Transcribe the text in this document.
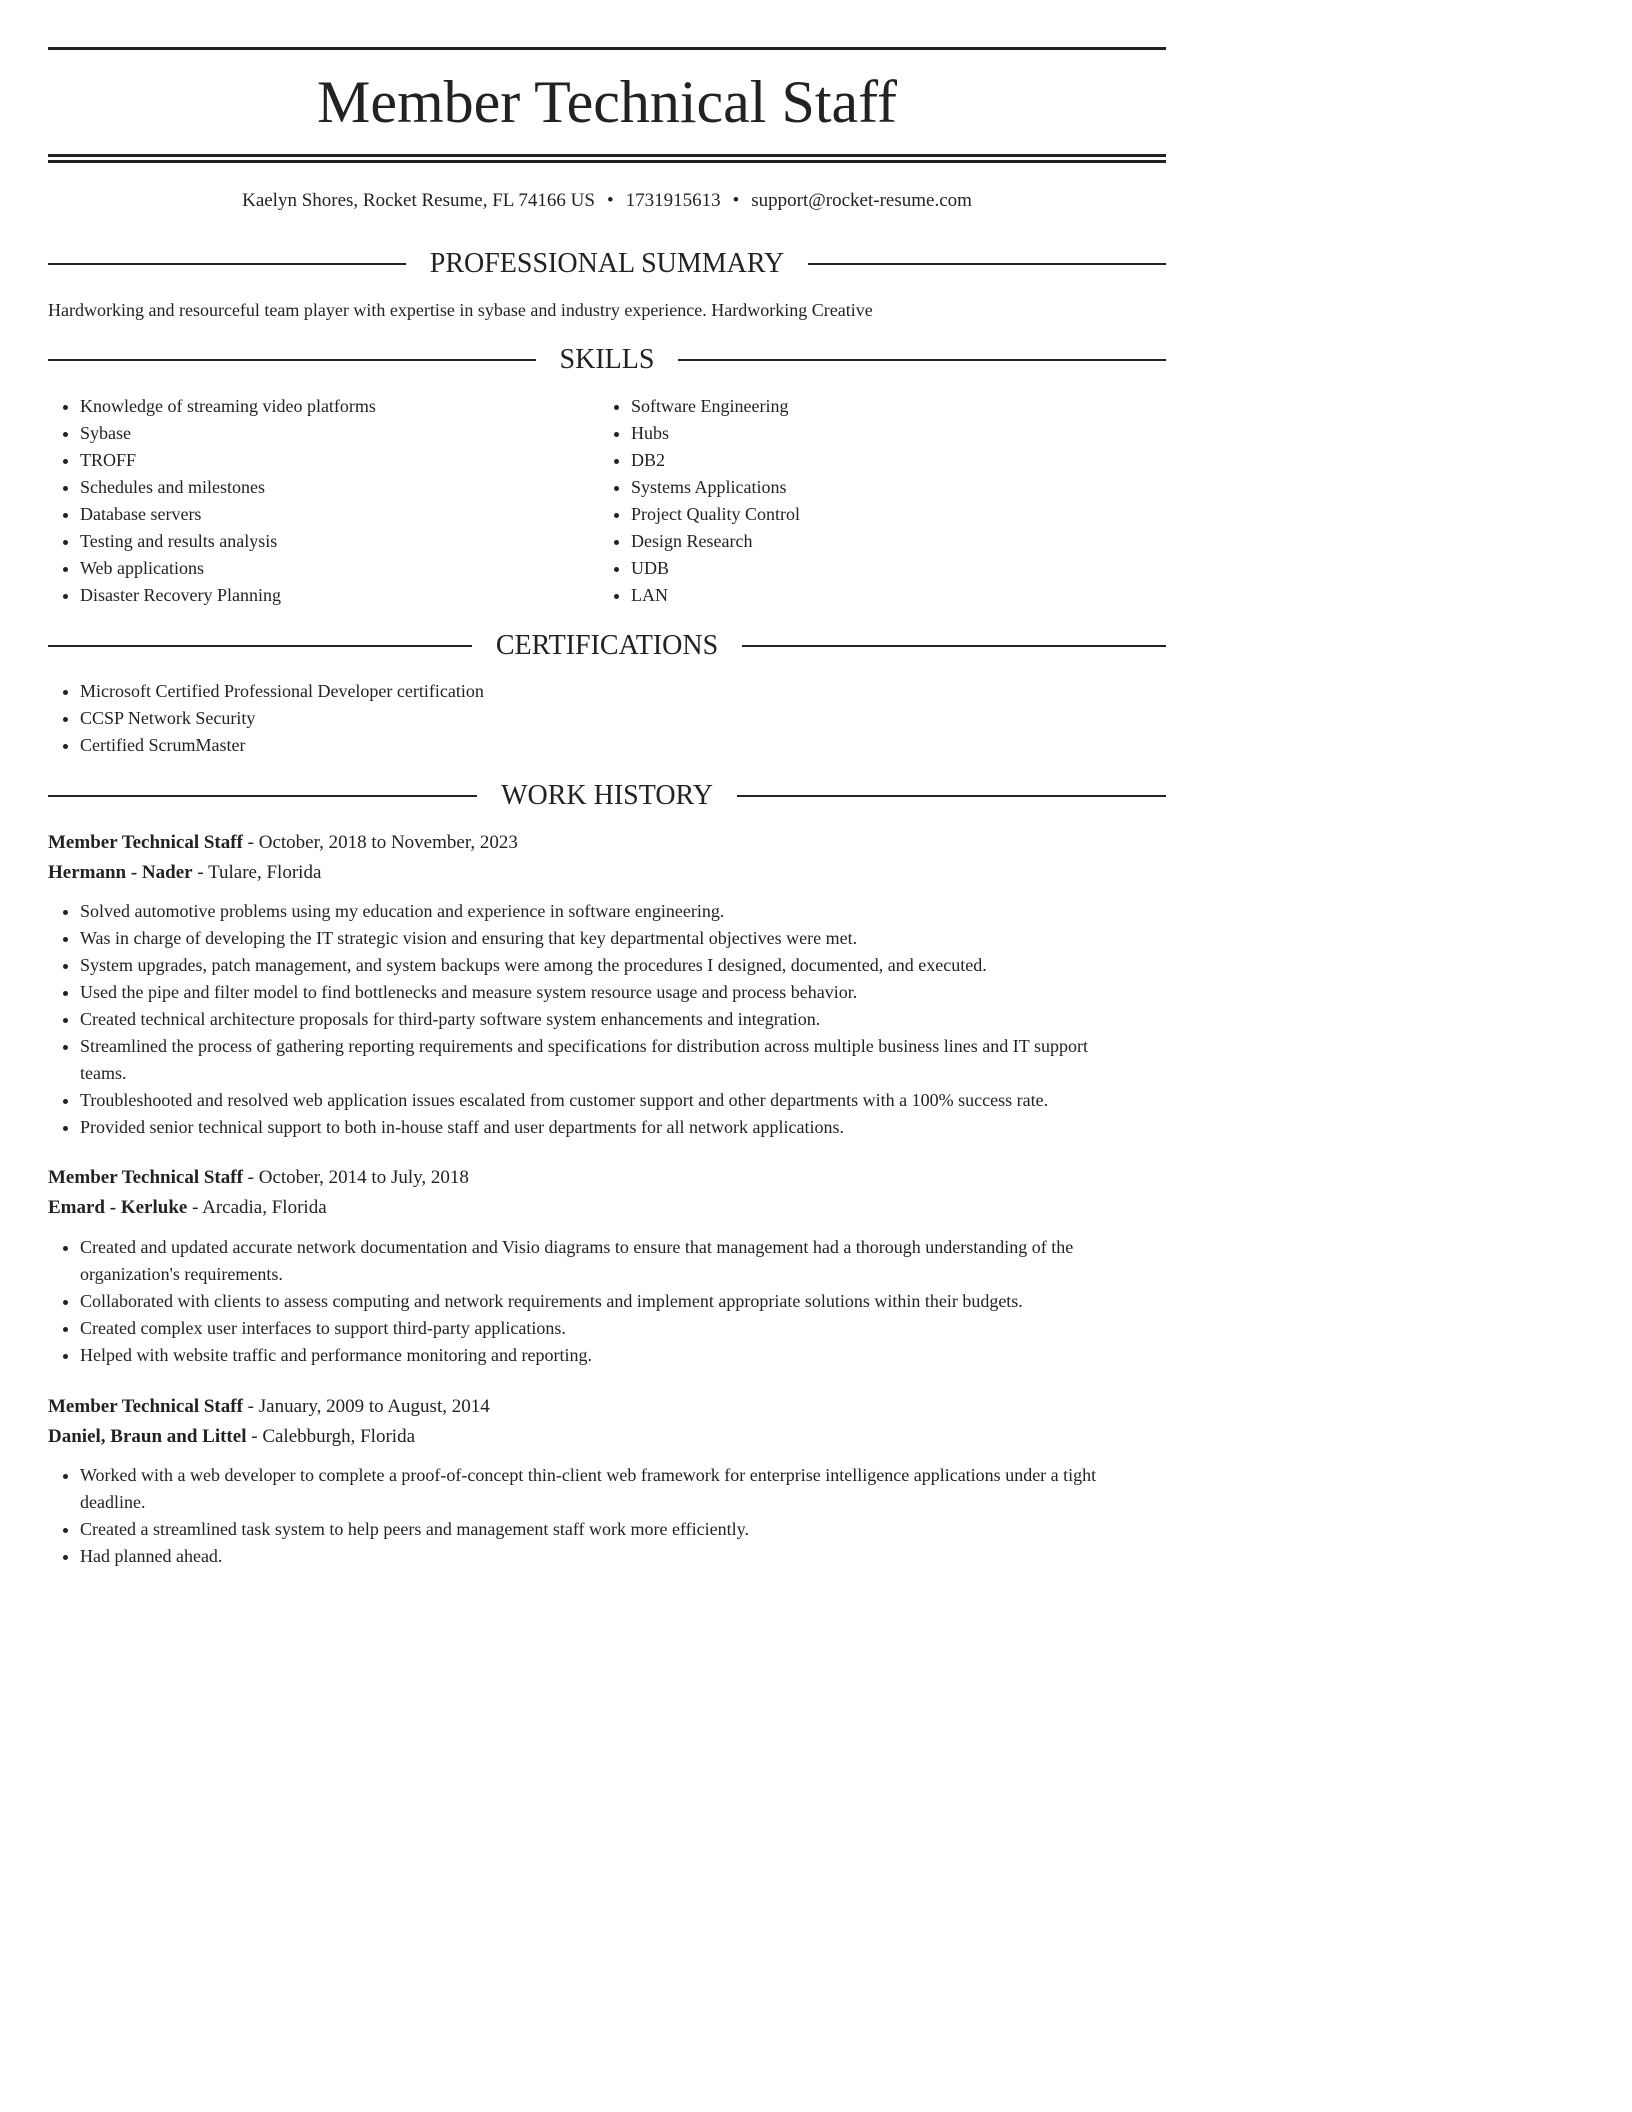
Member Technical Staff
Kaelyn Shores, Rocket Resume, FL 74166 US • 1731915613 • support@rocket-resume.com
PROFESSIONAL SUMMARY
Hardworking and resourceful team player with expertise in sybase and industry experience. Hardworking Creative
SKILLS
• Knowledge of streaming video platforms
• Sybase
• TROFF
• Schedules and milestones
• Database servers
• Testing and results analysis
• Web applications
• Disaster Recovery Planning
• Software Engineering
• Hubs
• DB2
• Systems Applications
• Project Quality Control
• Design Research
• UDB
• LAN
CERTIFICATIONS
• Microsoft Certified Professional Developer certification
• CCSP Network Security
• Certified ScrumMaster
WORK HISTORY
Member Technical Staff - October, 2018 to November, 2023
Hermann - Nader - Tulare, Florida
• Solved automotive problems using my education and experience in software engineering.
• Was in charge of developing the IT strategic vision and ensuring that key departmental objectives were met.
• System upgrades, patch management, and system backups were among the procedures I designed, documented, and executed.
• Used the pipe and filter model to find bottlenecks and measure system resource usage and process behavior.
• Created technical architecture proposals for third-party software system enhancements and integration.
• Streamlined the process of gathering reporting requirements and specifications for distribution across multiple business lines and IT support teams.
• Troubleshooted and resolved web application issues escalated from customer support and other departments with a 100% success rate.
• Provided senior technical support to both in-house staff and user departments for all network applications.
Member Technical Staff - October, 2014 to July, 2018
Emard - Kerluke - Arcadia, Florida
• Created and updated accurate network documentation and Visio diagrams to ensure that management had a thorough understanding of the organization's requirements.
• Collaborated with clients to assess computing and network requirements and implement appropriate solutions within their budgets.
• Created complex user interfaces to support third-party applications.
• Helped with website traffic and performance monitoring and reporting.
Member Technical Staff - January, 2009 to August, 2014
Daniel, Braun and Littel - Calebburgh, Florida
• Worked with a web developer to complete a proof-of-concept thin-client web framework for enterprise intelligence applications under a tight deadline.
• Created a streamlined task system to help peers and management staff work more efficiently.
• Had planned ahead.
